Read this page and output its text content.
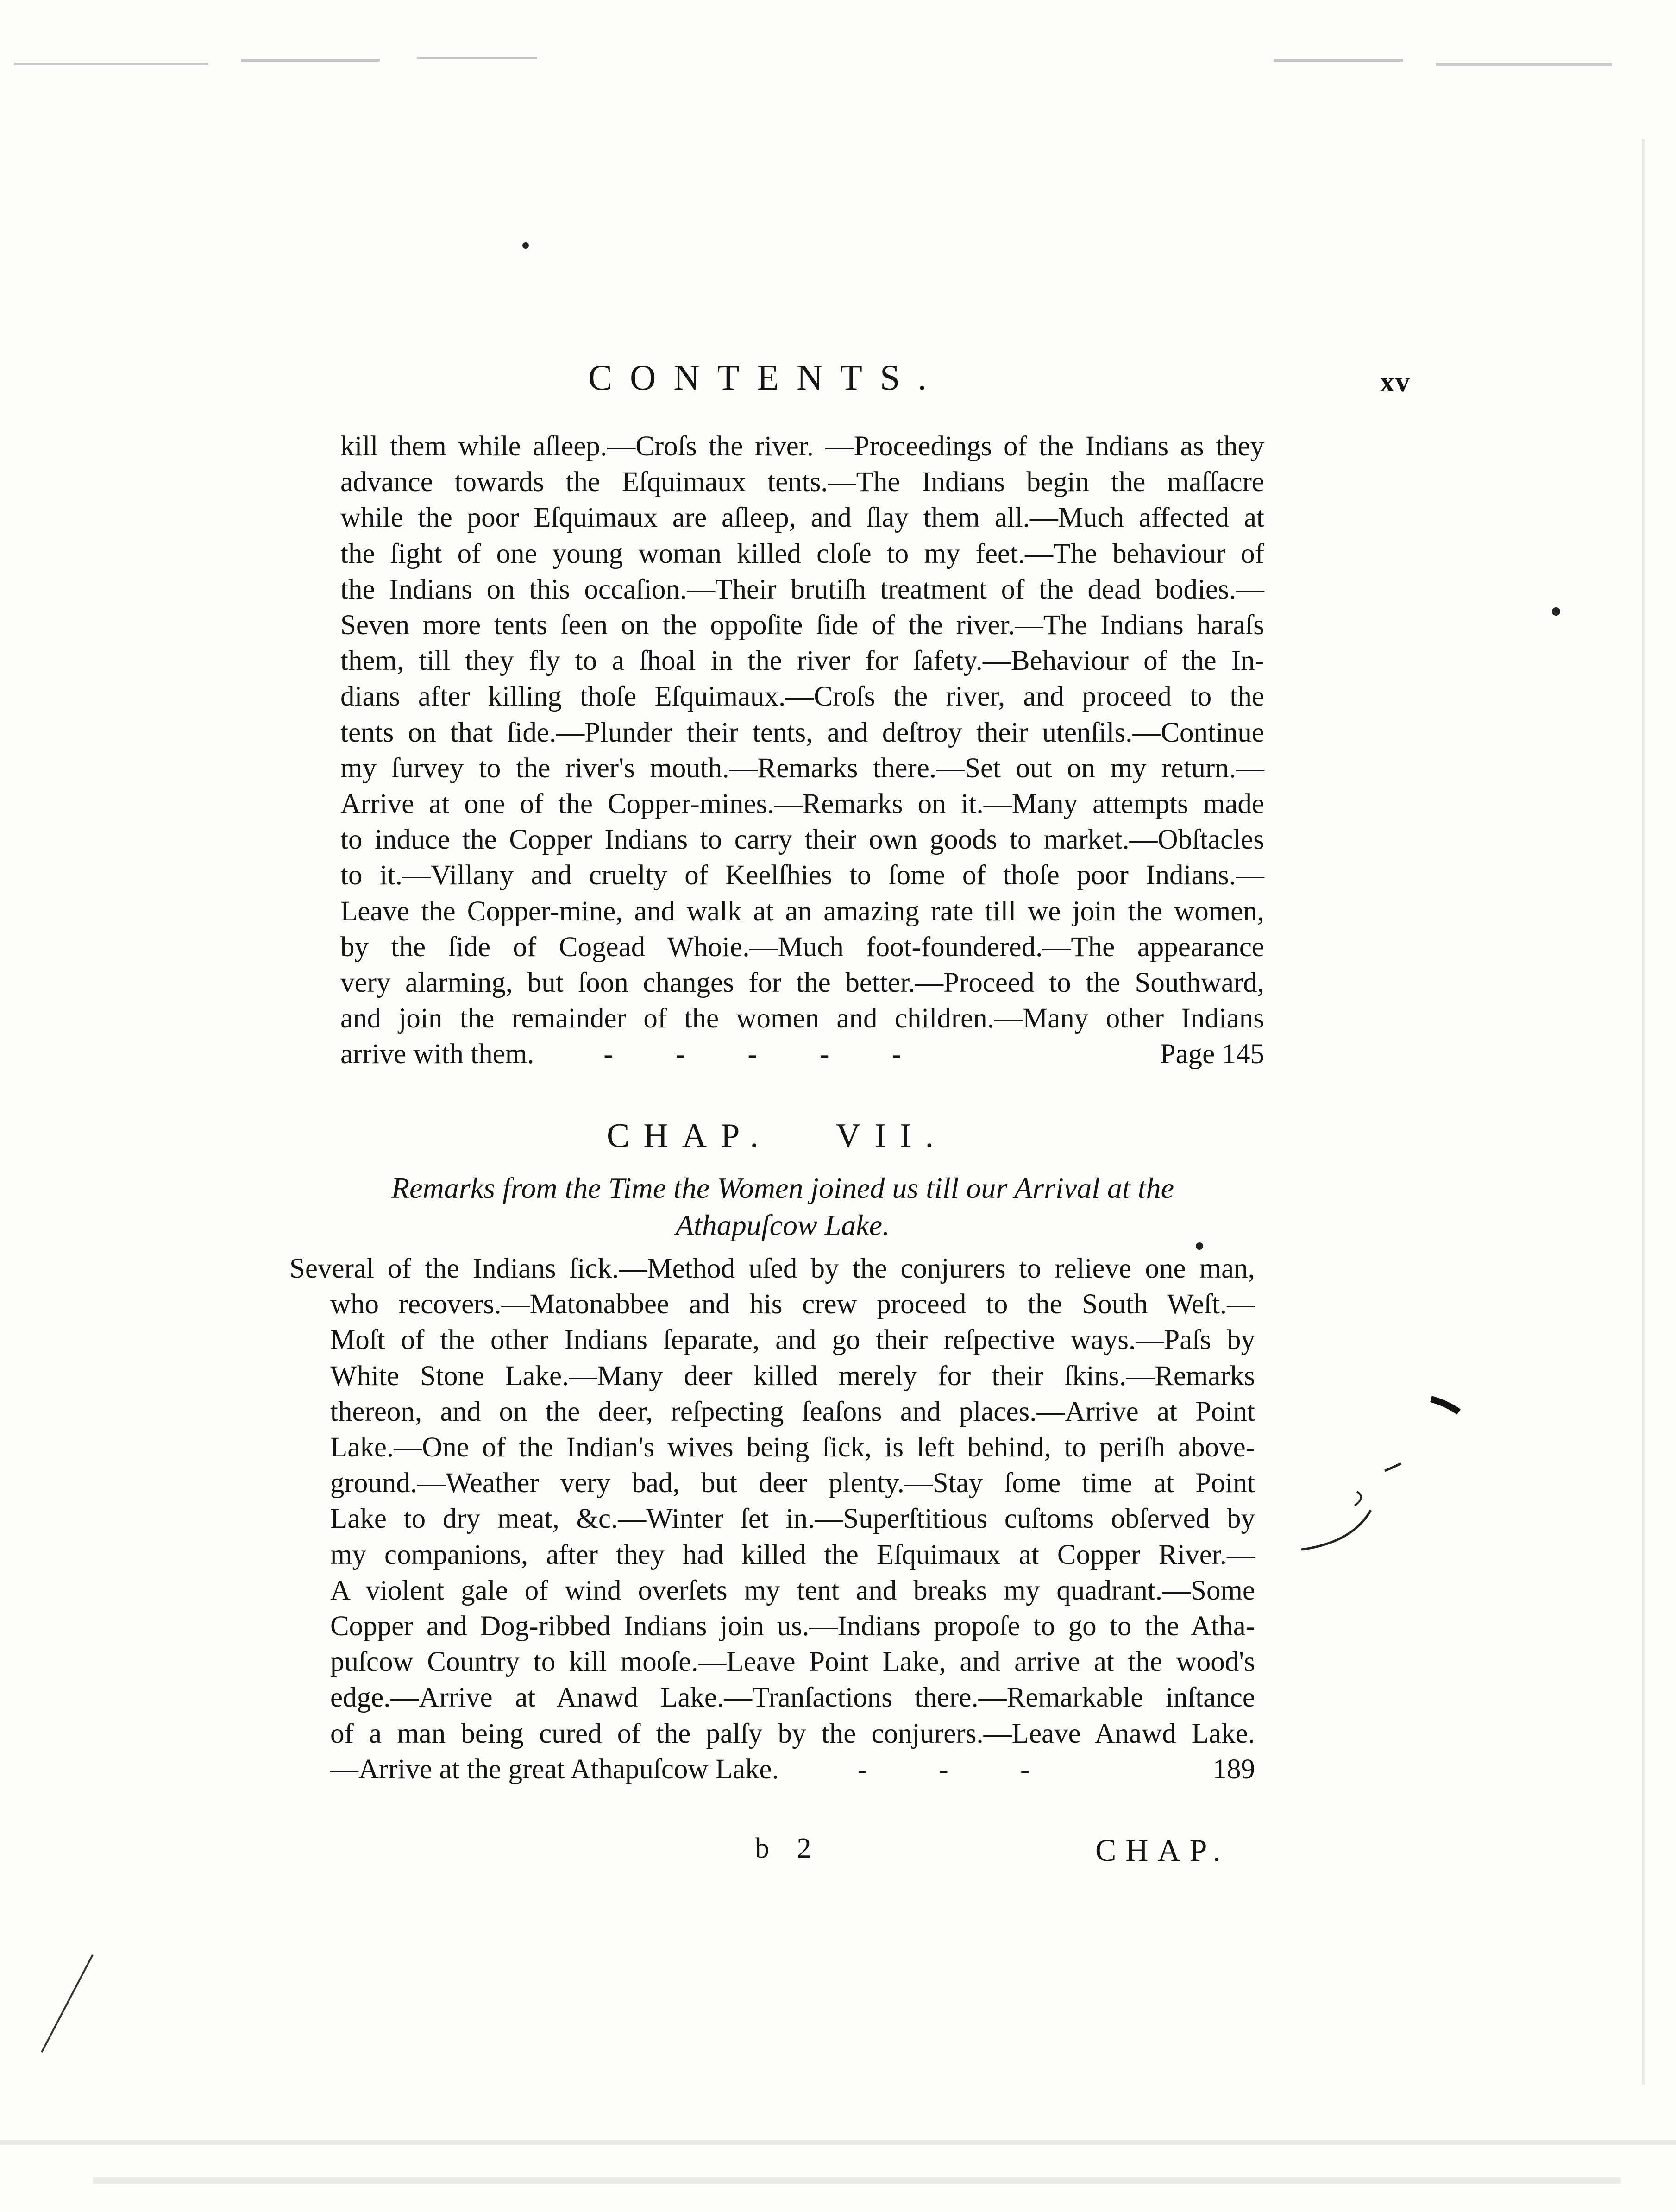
CONTENTS.	xv
kill them while aſleep.—Croſs the river. —Proceedings of the Indians as they
advance towards the Eſquimaux tents.—The Indians begin the maſſacre
while the poor Eſquimaux are aſleep, and ſlay them all.—Much affected at
the ſight of one young woman killed cloſe to my feet.—The behaviour of
the Indians on this occaſion.—Their brutiſh treatment of the dead bodies.—
Seven more tents ſeen on the oppoſite ſide of the river.—The Indians haraſs
them, till they fly to a ſhoal in the river for ſafety.—Behaviour of the In-
dians after killing thoſe Eſquimaux.—Croſs the river, and proceed to the
tents on that ſide.—Plunder their tents, and deſtroy their utenſils.—Continue
my ſurvey to the river's mouth.—Remarks there.—Set out on my return.—
Arrive at one of the Copper-mines.—Remarks on it.—Many attempts made
to induce the Copper Indians to carry their own goods to market.—Obſtacles
to it.—Villany and cruelty of Keelſhies to ſome of thoſe poor Indians.—
Leave the Copper-mine, and walk at an amazing rate till we join the women,
by the ſide of Cogead Whoie.—Much foot-foundered.—The appearance
very alarming, but ſoon changes for the better.—Proceed to the Southward,
and join the remainder of the women and children.—Many other Indians
arrive with them. - - - - -	Page 145
CHAP. VII.
Remarks from the Time the Women joined us till our Arrival at the
Athapuſcow Lake.
Several of the Indians ſick.—Method uſed by the conjurers to relieve one man,
who recovers.—Matonabbee and his crew proceed to the South Weſt.—
Moſt of the other Indians ſeparate, and go their reſpective ways.—Paſs by
White Stone Lake.—Many deer killed merely for their ſkins.—Remarks
thereon, and on the deer, reſpecting ſeaſons and places.—Arrive at Point
Lake.—One of the Indian's wives being ſick, is left behind, to periſh above-
ground.—Weather very bad, but deer plenty.—Stay ſome time at Point
Lake to dry meat, &c.—Winter ſet in.—Superſtitious cuſtoms obſerved by
my companions, after they had killed the Eſquimaux at Copper River.—
A violent gale of wind overſets my tent and breaks my quadrant.—Some
Copper and Dog-ribbed Indians join us.—Indians propoſe to go to the Atha-
puſcow Country to kill mooſe.—Leave Point Lake, and arrive at the wood's
edge.—Arrive at Anawd Lake.—Tranſactions there.—Remarkable inſtance
of a man being cured of the palſy by the conjurers.—Leave Anawd Lake.
—Arrive at the great Athapuſcow Lake.	- - -	189
b 2	CHAP.
